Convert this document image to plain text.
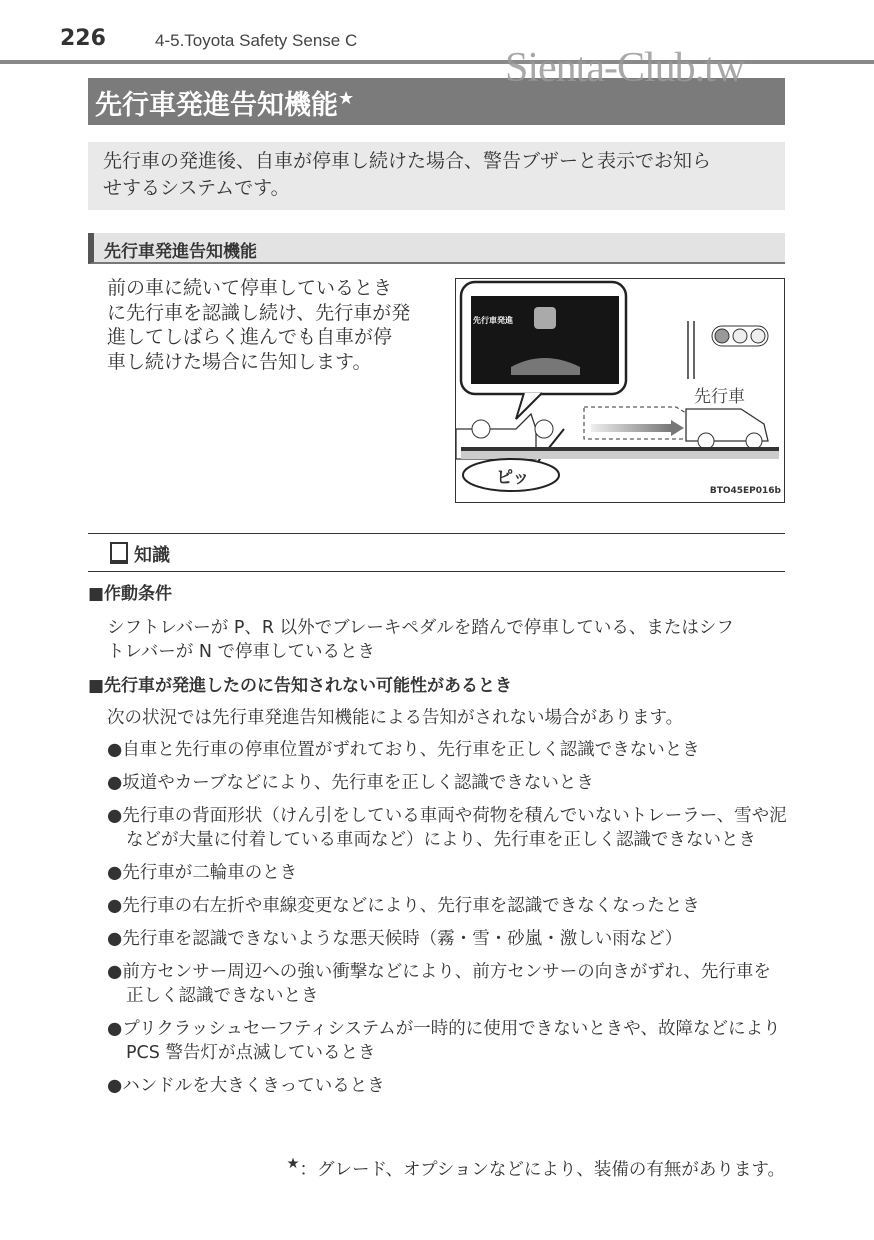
226	4-5.Toyota Safety Sense C
先行車発進告知機能★
Sienta-Club.tw
先行車の発進後、自車が停車し続けた場合、警告ブザーと表示でお知ら
せするシステムです。
先行車発進告知機能
前の車に続いて停車しているとき
に先行車を認識し続け、先行車が発
進してしばらく進んでも自車が停
車し続けた場合に告知します。
先行車
先行車発進
ピッ
BTO45EP016b
知識
■作動条件
シフトレバーが P、R 以外でブレーキペダルを踏んで停車している、またはシフ
トレバーが N で停車しているとき
■先行車が発進したのに告知されない可能性があるとき
次の状況では先行車発進告知機能による告知がされない場合があります。
●自車と先行車の停車位置がずれており、先行車を正しく認識できないとき
●坂道やカーブなどにより、先行車を正しく認識できないとき
●先行車の背面形状（けん引をしている車両や荷物を積んでいないトレーラー、雪や泥などが大量に付着している車両など）により、先行車を正しく認識できないとき
●先行車が二輪車のとき
●先行車の右左折や車線変更などにより、先行車を認識できなくなったとき
●先行車を認識できないような悪天候時（霧・雪・砂嵐・激しい雨など）
●前方センサー周辺への強い衝撃などにより、前方センサーの向きがずれ、先行車を正しく認識できないとき
●プリクラッシュセーフティシステムが一時的に使用できないときや、故障などにより PCS 警告灯が点滅しているとき
●ハンドルを大きくきっているとき
★：グレード、オプションなどにより、装備の有無があります。
